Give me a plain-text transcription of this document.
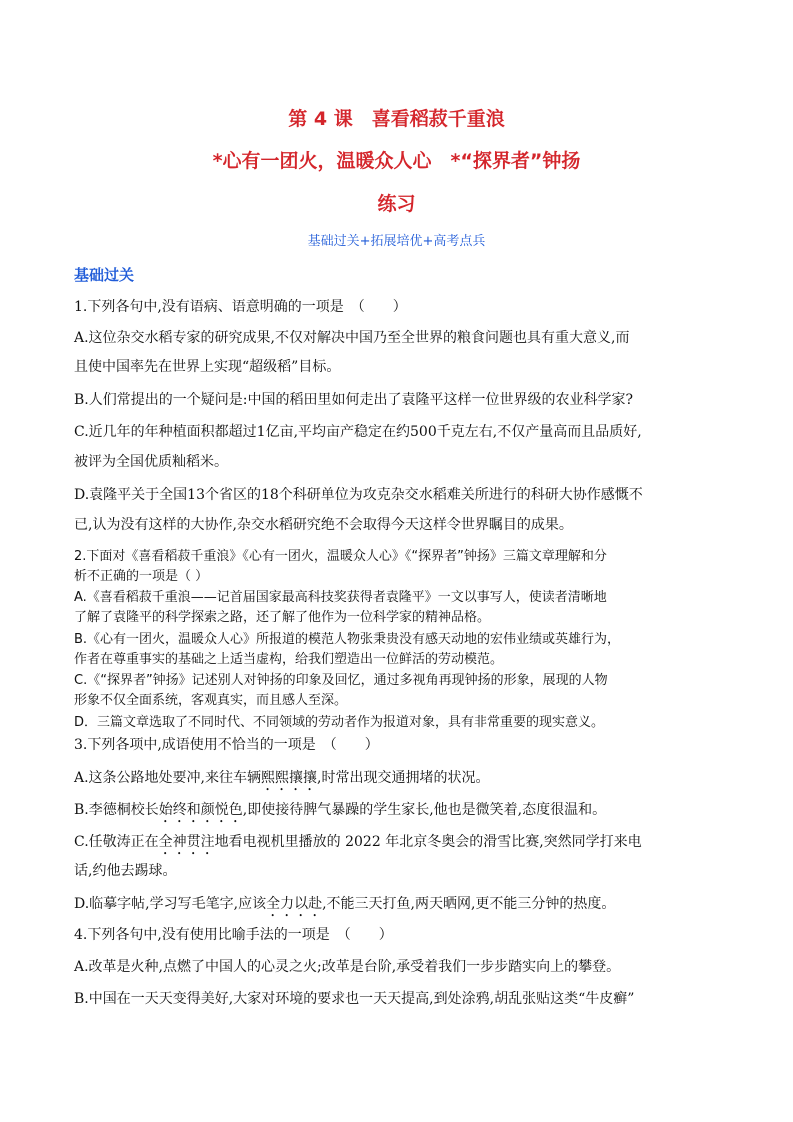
第 4 课　喜看稻菽千重浪
*心有一团火，温暖众人心　*“探界者”钟扬
练习
基础过关+拓展培优+高考点兵
基础过关
1.下列各句中,没有语病、语意明确的一项是　（　　）
A.这位杂交水稻专家的研究成果,不仅对解决中国乃至全世界的粮食问题也具有重大意义,而
且使中国率先在世界上实现“超级稻”目标。
B.人们常提出的一个疑问是:中国的稻田里如何走出了袁隆平这样一位世界级的农业科学家?
C.近几年的年种植面积都超过1亿亩,平均亩产稳定在约500千克左右,不仅产量高而且品质好,
被评为全国优质籼稻米。
D.袁隆平关于全国13个省区的18个科研单位为攻克杂交水稻难关所进行的科研大协作感慨不
已,认为没有这样的大协作,杂交水稻研究绝不会取得今天这样令世界瞩目的成果。
2.下面对《喜看稻菽千重浪》《心有一团火，温暖众人心》《“探界者”钟扬》三篇文章理解和分
析不正确的一项是（ ）
A.《喜看稻菽千重浪——记首届国家最高科技奖获得者袁隆平》一文以事写人，使读者清晰地
了解了袁隆平的科学探索之路，还了解了他作为一位科学家的精神品格。
B.《心有一团火，温暖众人心》所报道的模范人物张秉贵没有感天动地的宏伟业绩或英雄行为，
作者在尊重事实的基础之上适当虚构，给我们塑造出一位鲜活的劳动模范。
C.《“探界者”钟扬》记述别人对钟扬的印象及回忆，通过多视角再现钟扬的形象，展现的人物
形象不仅全面系统，客观真实，而且感人至深。
D．三篇文章选取了不同时代、不同领域的劳动者作为报道对象，具有非常重要的现实意义。
3.下列各项中,成语使用不恰当的一项是　（　　）
A.这条公路地处要冲,来往车辆熙熙攘攘,时常出现交通拥堵的状况。
B.李德桐校长始终和颜悦色,即使接待脾气暴躁的学生家长,他也是微笑着,态度很温和。
C.任敬涛正在全神贯注地看电视机里播放的 2022 年北京冬奥会的滑雪比赛,突然同学打来电
话,约他去踢球。
D.临摹字帖,学习写毛笔字,应该全力以赴,不能三天打鱼,两天晒网,更不能三分钟的热度。
4.下列各句中,没有使用比喻手法的一项是　（　　）
A.改革是火种,点燃了中国人的心灵之火;改革是台阶,承受着我们一步步踏实向上的攀登。
B.中国在一天天变得美好,大家对环境的要求也一天天提高,到处涂鸦,胡乱张贴这类“牛皮癣”
